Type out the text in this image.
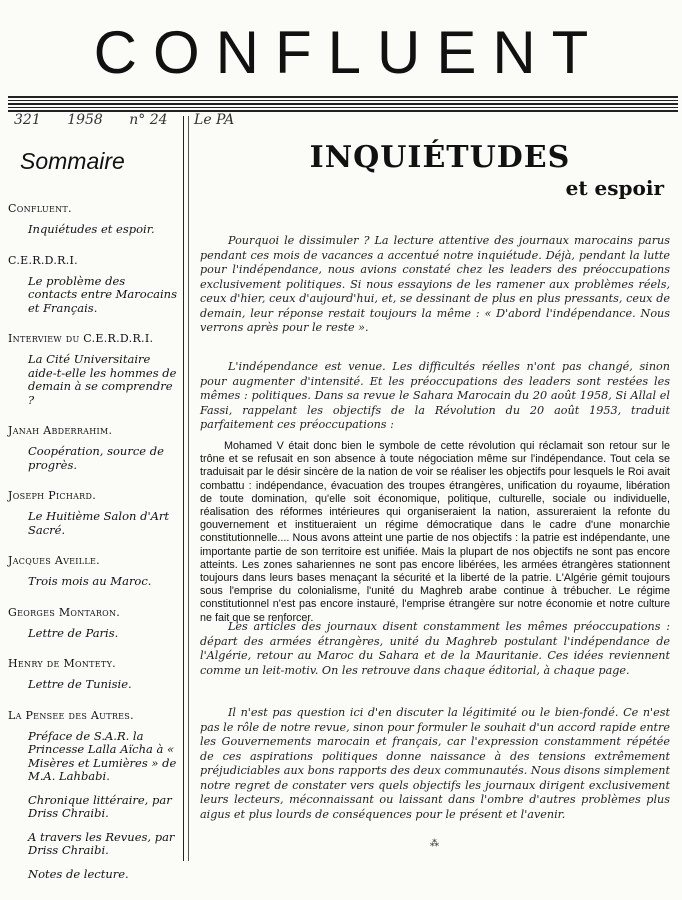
CONFLUENT
321 1958 n° 24 Le PA
Sommaire
Confluent.
Inquiétudes et espoir.
C.E.R.D.R.I.
Le problème des contacts entre Marocains et Français.
Interview du C.E.R.D.R.I.
La Cité Universitaire aide-t-elle les hommes de demain à se comprendre ?
Janah Abderrahim.
Coopération, source de progrès.
Joseph Pichard.
Le Huitième Salon d'Art Sacré.
Jacques Aveille.
Trois mois au Maroc.
Georges Montaron.
Lettre de Paris.
Henry de Montety.
Lettre de Tunisie.
La Pensee des Autres.
Préface de S.A.R. la Princesse Lalla Aïcha à « Misères et Lumières » de M.A. Lahbabi.
Chronique littéraire, par Driss Chraibi.
A travers les Revues, par Driss Chraibi.
Notes de lecture.
INQUIÉTUDES
et espoir

Pourquoi le dissimuler ? La lecture attentive des journaux marocains parus pendant ces mois de vacances a accentué notre inquiétude. Déjà, pendant la lutte pour l'indépendance, nous avions constaté chez les leaders des préoccupations exclusivement politiques. Si nous essayions de les ramener aux problèmes réels, ceux d'hier, ceux d'aujourd'hui, et, se dessinant de plus en plus pressants, ceux de demain, leur réponse restait toujours la même : « D'abord l'indépendance. Nous verrons après pour le reste ».

L'indépendance est venue. Les difficultés réelles n'ont pas changé, sinon pour augmenter d'intensité. Et les préoccupations des leaders sont restées les mêmes : politiques. Dans sa revue le Sahara Marocain du 20 août 1958, Si Allal el Fassi, rappelant les objectifs de la Révolution du 20 août 1953, traduit parfaitement ces préoccupations :

Mohamed V était donc bien le symbole de cette révolution qui réclamait son retour sur le trône et se refusait en son absence à toute négociation même sur l'indépendance. Tout cela se traduisait par le désir sincère de la nation de voir se réaliser les objectifs pour lesquels le Roi avait combattu : indépendance, évacuation des troupes étrangères, unification du royaume, libération de toute domination, qu'elle soit économique, politique, culturelle, sociale ou individuelle, réalisation des réformes intérieures qui organiseraient la nation, assureraient la refonte du gouvernement et institueraient un régime démocratique dans le cadre d'une monarchie constitutionnelle.... Nous avons atteint une partie de nos objectifs : la patrie est indépendante, une importante partie de son territoire est unifiée. Mais la plupart de nos objectifs ne sont pas encore atteints. Les zones sahariennes ne sont pas encore libérées, les armées étrangères stationnent toujours dans leurs bases menaçant la sécurité et la liberté de la patrie. L'Algérie gémit toujours sous l'emprise du colonialisme, l'unité du Maghreb arabe continue à trébucher. Le régime constitutionnel n'est pas encore instauré, l'emprise étrangère sur notre économie et notre culture ne fait que se renforcer.

Les articles des journaux disent constamment les mêmes préoccupations : départ des armées étrangères, unité du Maghreb postulant l'indépendance de l'Algérie, retour au Maroc du Sahara et de la Mauritanie. Ces idées reviennent comme un leit-motiv. On les retrouve dans chaque éditorial, à chaque page.

Il n'est pas question ici d'en discuter la légitimité ou le bien-fondé. Ce n'est pas le rôle de notre revue, sinon pour formuler le souhait d'un accord rapide entre les Gouvernements marocain et français, car l'expression constamment répétée de ces aspirations politiques donne naissance à des tensions extrêmement préjudiciables aux bons rapports des deux communautés. Nous disons simplement notre regret de constater vers quels objectifs les journaux dirigent exclusivement leurs lecteurs, méconnaissant ou laissant dans l'ombre d'autres problèmes plus aigus et plus lourds de conséquences pour le présent et l'avenir.

⁂
